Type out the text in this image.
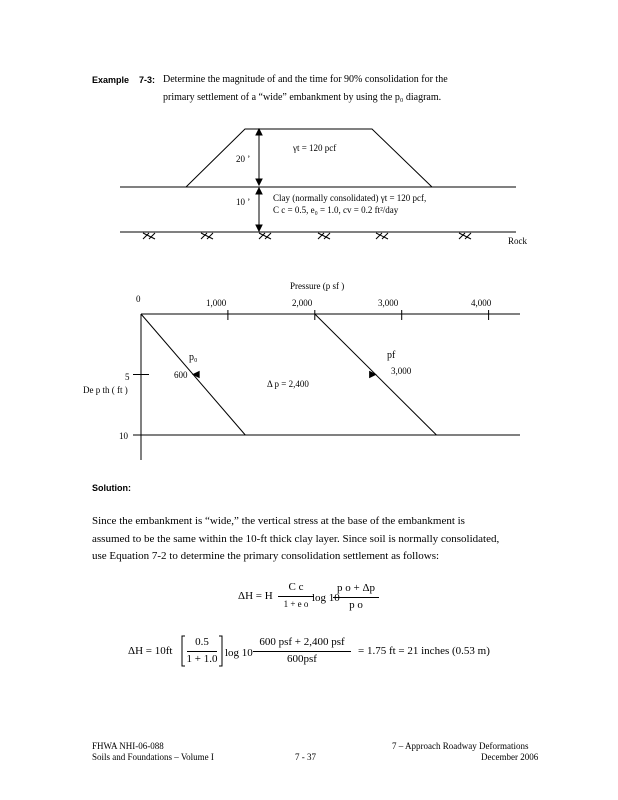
Example 7-3: Determine the magnitude of and the time for 90% consolidation for the
primary settlement of a “wide” embankment by using the p₀ diagram.
γt = 120 pcf
20 ’
10 ’	Clay (normally consolidated) γt = 120 pcf,
C c = 0.5, e₀ = 1.0, cv = 0.2 ft²/day
Rock
Pressure (p sf )
0	1,000	2,000	3,000	4,000
5
10
De p th ( ft )
p₀
600
pf
3,000
Δ p = 2,400
Solution:
Since the embankment is “wide,” the vertical stress at the base of the embankment is
assumed to be the same within the 10-ft thick clay layer. Since soil is normally consolidated,
use Equation 7-2 to determine the primary consolidation settlement as follows:
ΔH = H
C c
1 + e o log 10
p o + Δp
p o
ΔH = 10ft
0.5
1 + 1.0 log 10
600 psf + 2,400 psf
600psf
= 1.75 ft = 21 inches (0.53 m)
FHWA NHI-06-088
Soils and Foundations – Volume I	7 - 37
7 – Approach Roadway Deformations
December 2006
